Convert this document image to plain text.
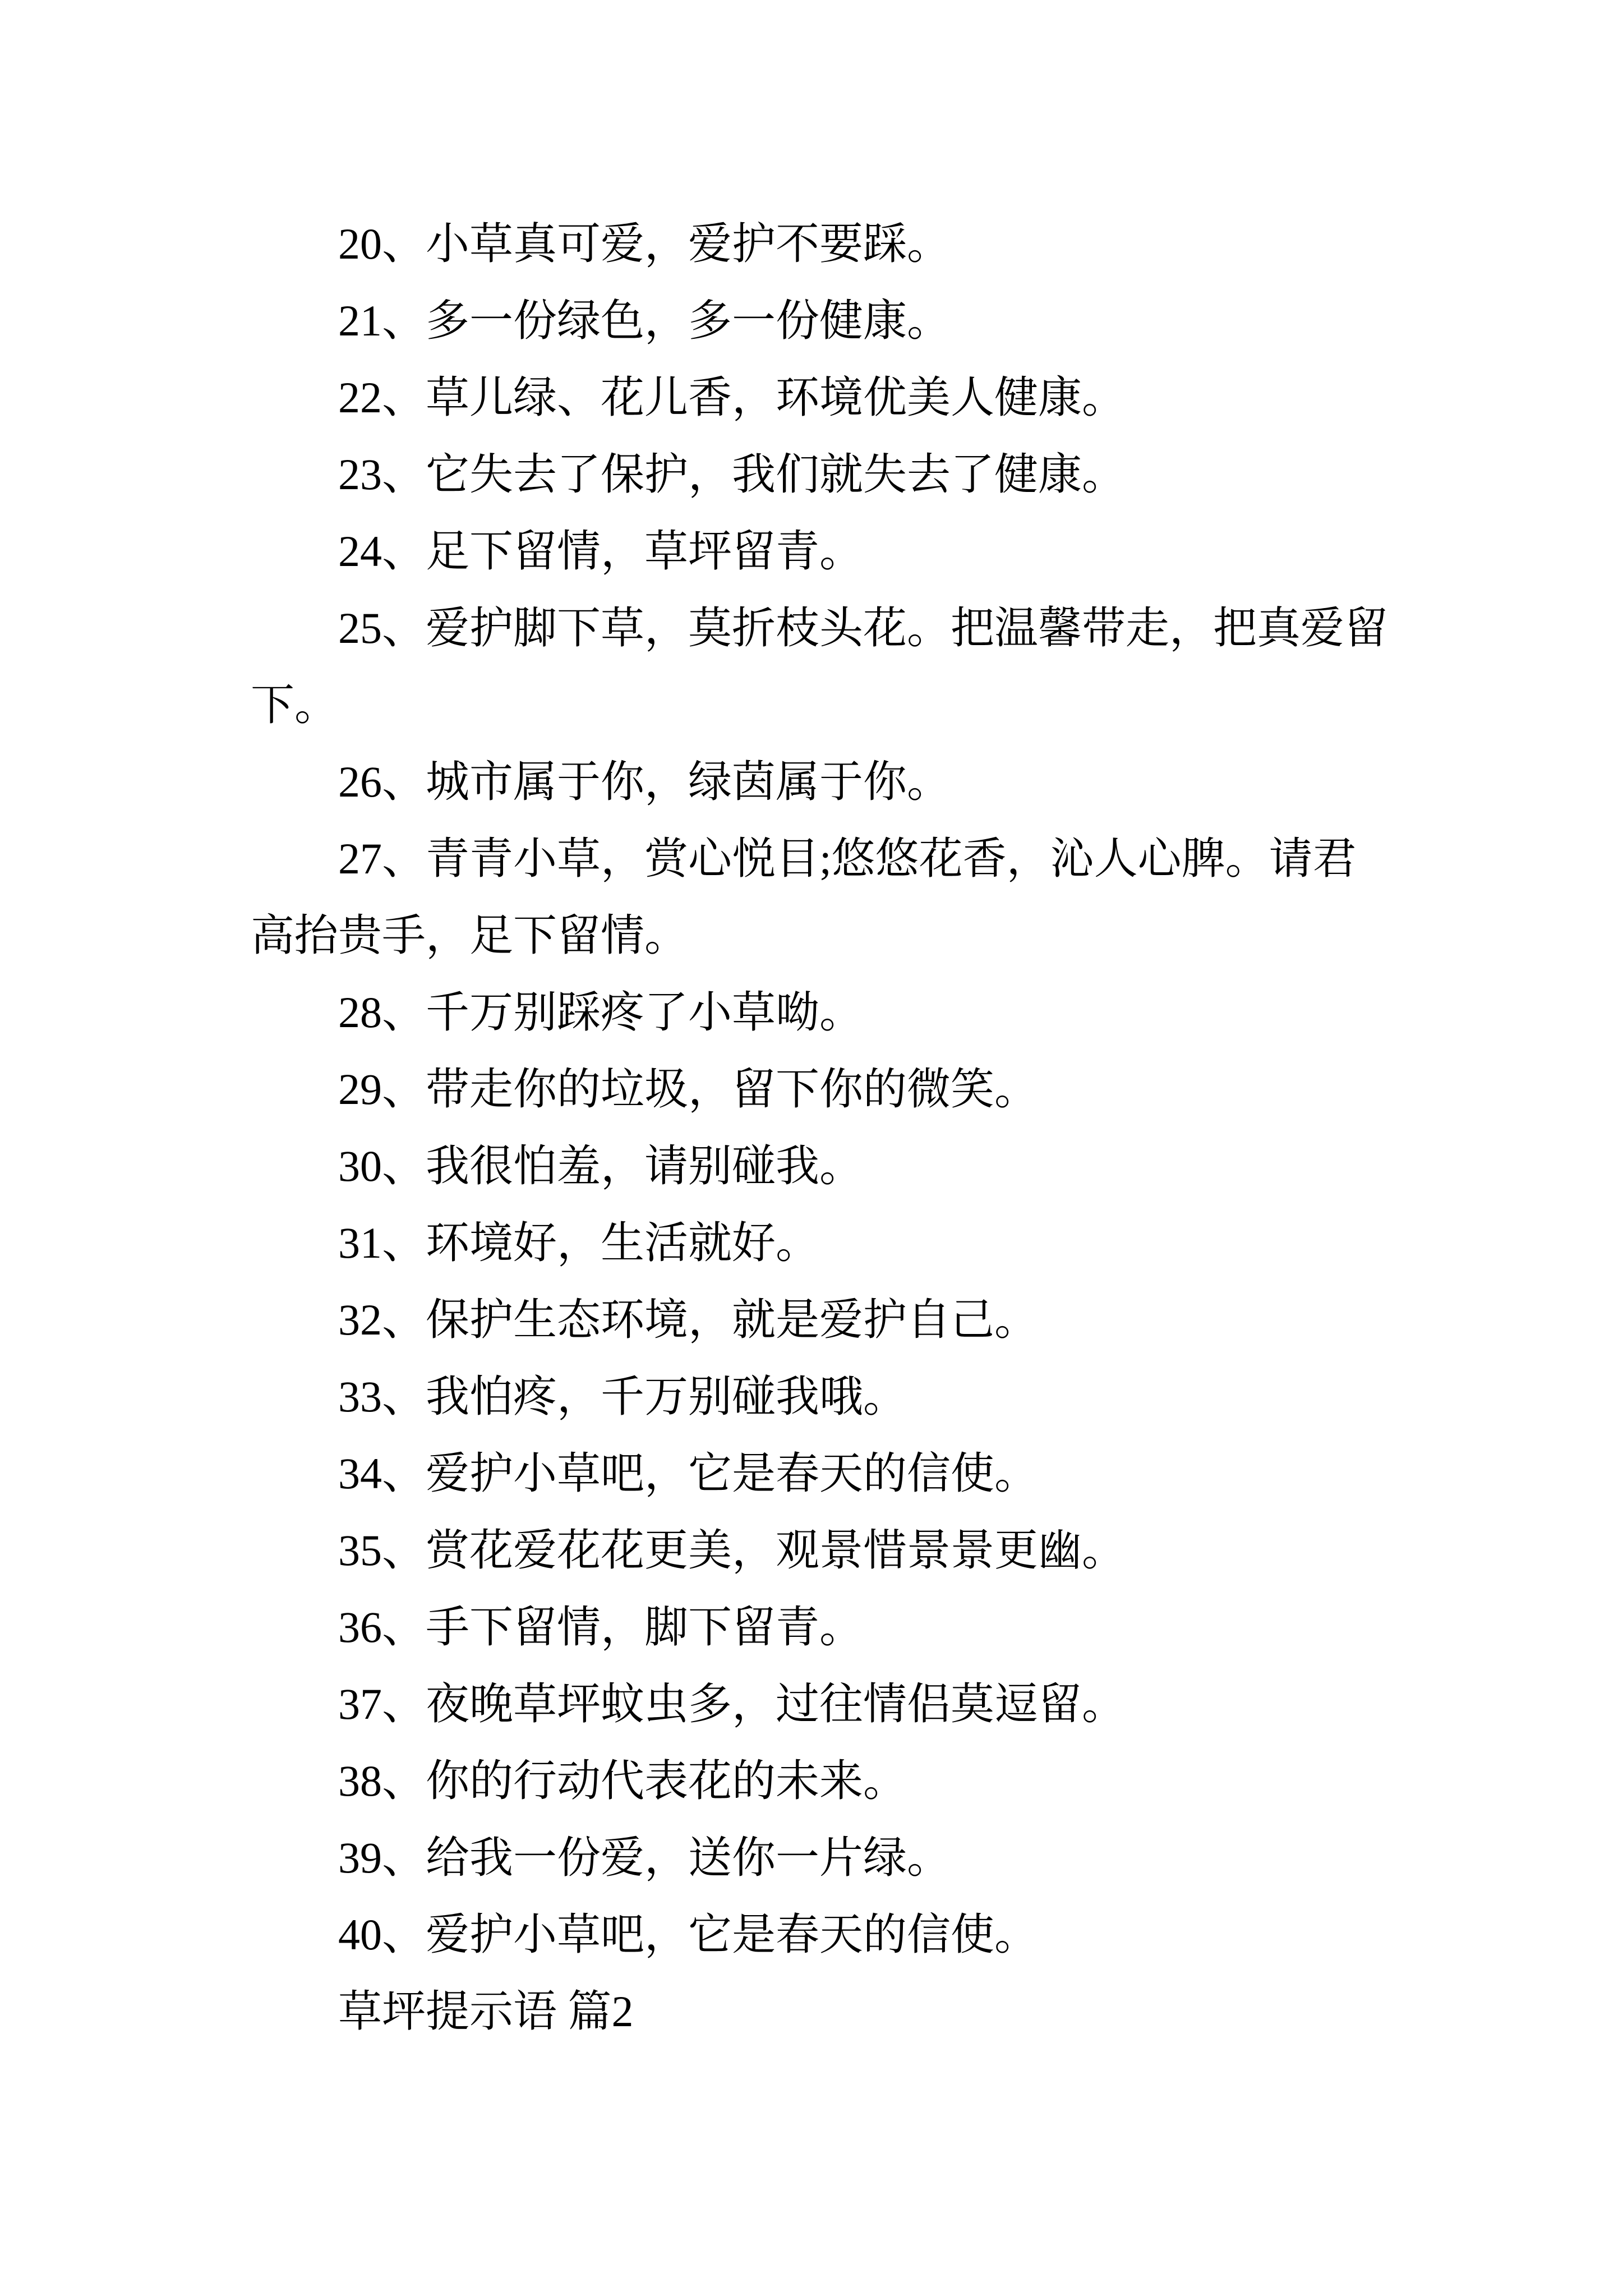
20、小草真可爱，爱护不要踩。
21、多一份绿色，多一份健康。
22、草儿绿、花儿香，环境优美人健康。
23、它失去了保护，我们就失去了健康。
24、足下留情，草坪留青。
25、爱护脚下草，莫折枝头花。把温馨带走，把真爱留
下。
26、城市属于你，绿茵属于你。
27、青青小草，赏心悦目;悠悠花香，沁人心脾。请君
高抬贵手，足下留情。
28、千万别踩疼了小草呦。
29、带走你的垃圾，留下你的微笑。
30、我很怕羞，请别碰我。
31、环境好，生活就好。
32、保护生态环境，就是爱护自己。
33、我怕疼，千万别碰我哦。
34、爱护小草吧，它是春天的信使。
35、赏花爱花花更美，观景惜景景更幽。
36、手下留情，脚下留青。
37、夜晚草坪蚊虫多，过往情侣莫逗留。
38、你的行动代表花的未来。
39、给我一份爱，送你一片绿。
40、爱护小草吧，它是春天的信使。
草坪提示语 篇2
